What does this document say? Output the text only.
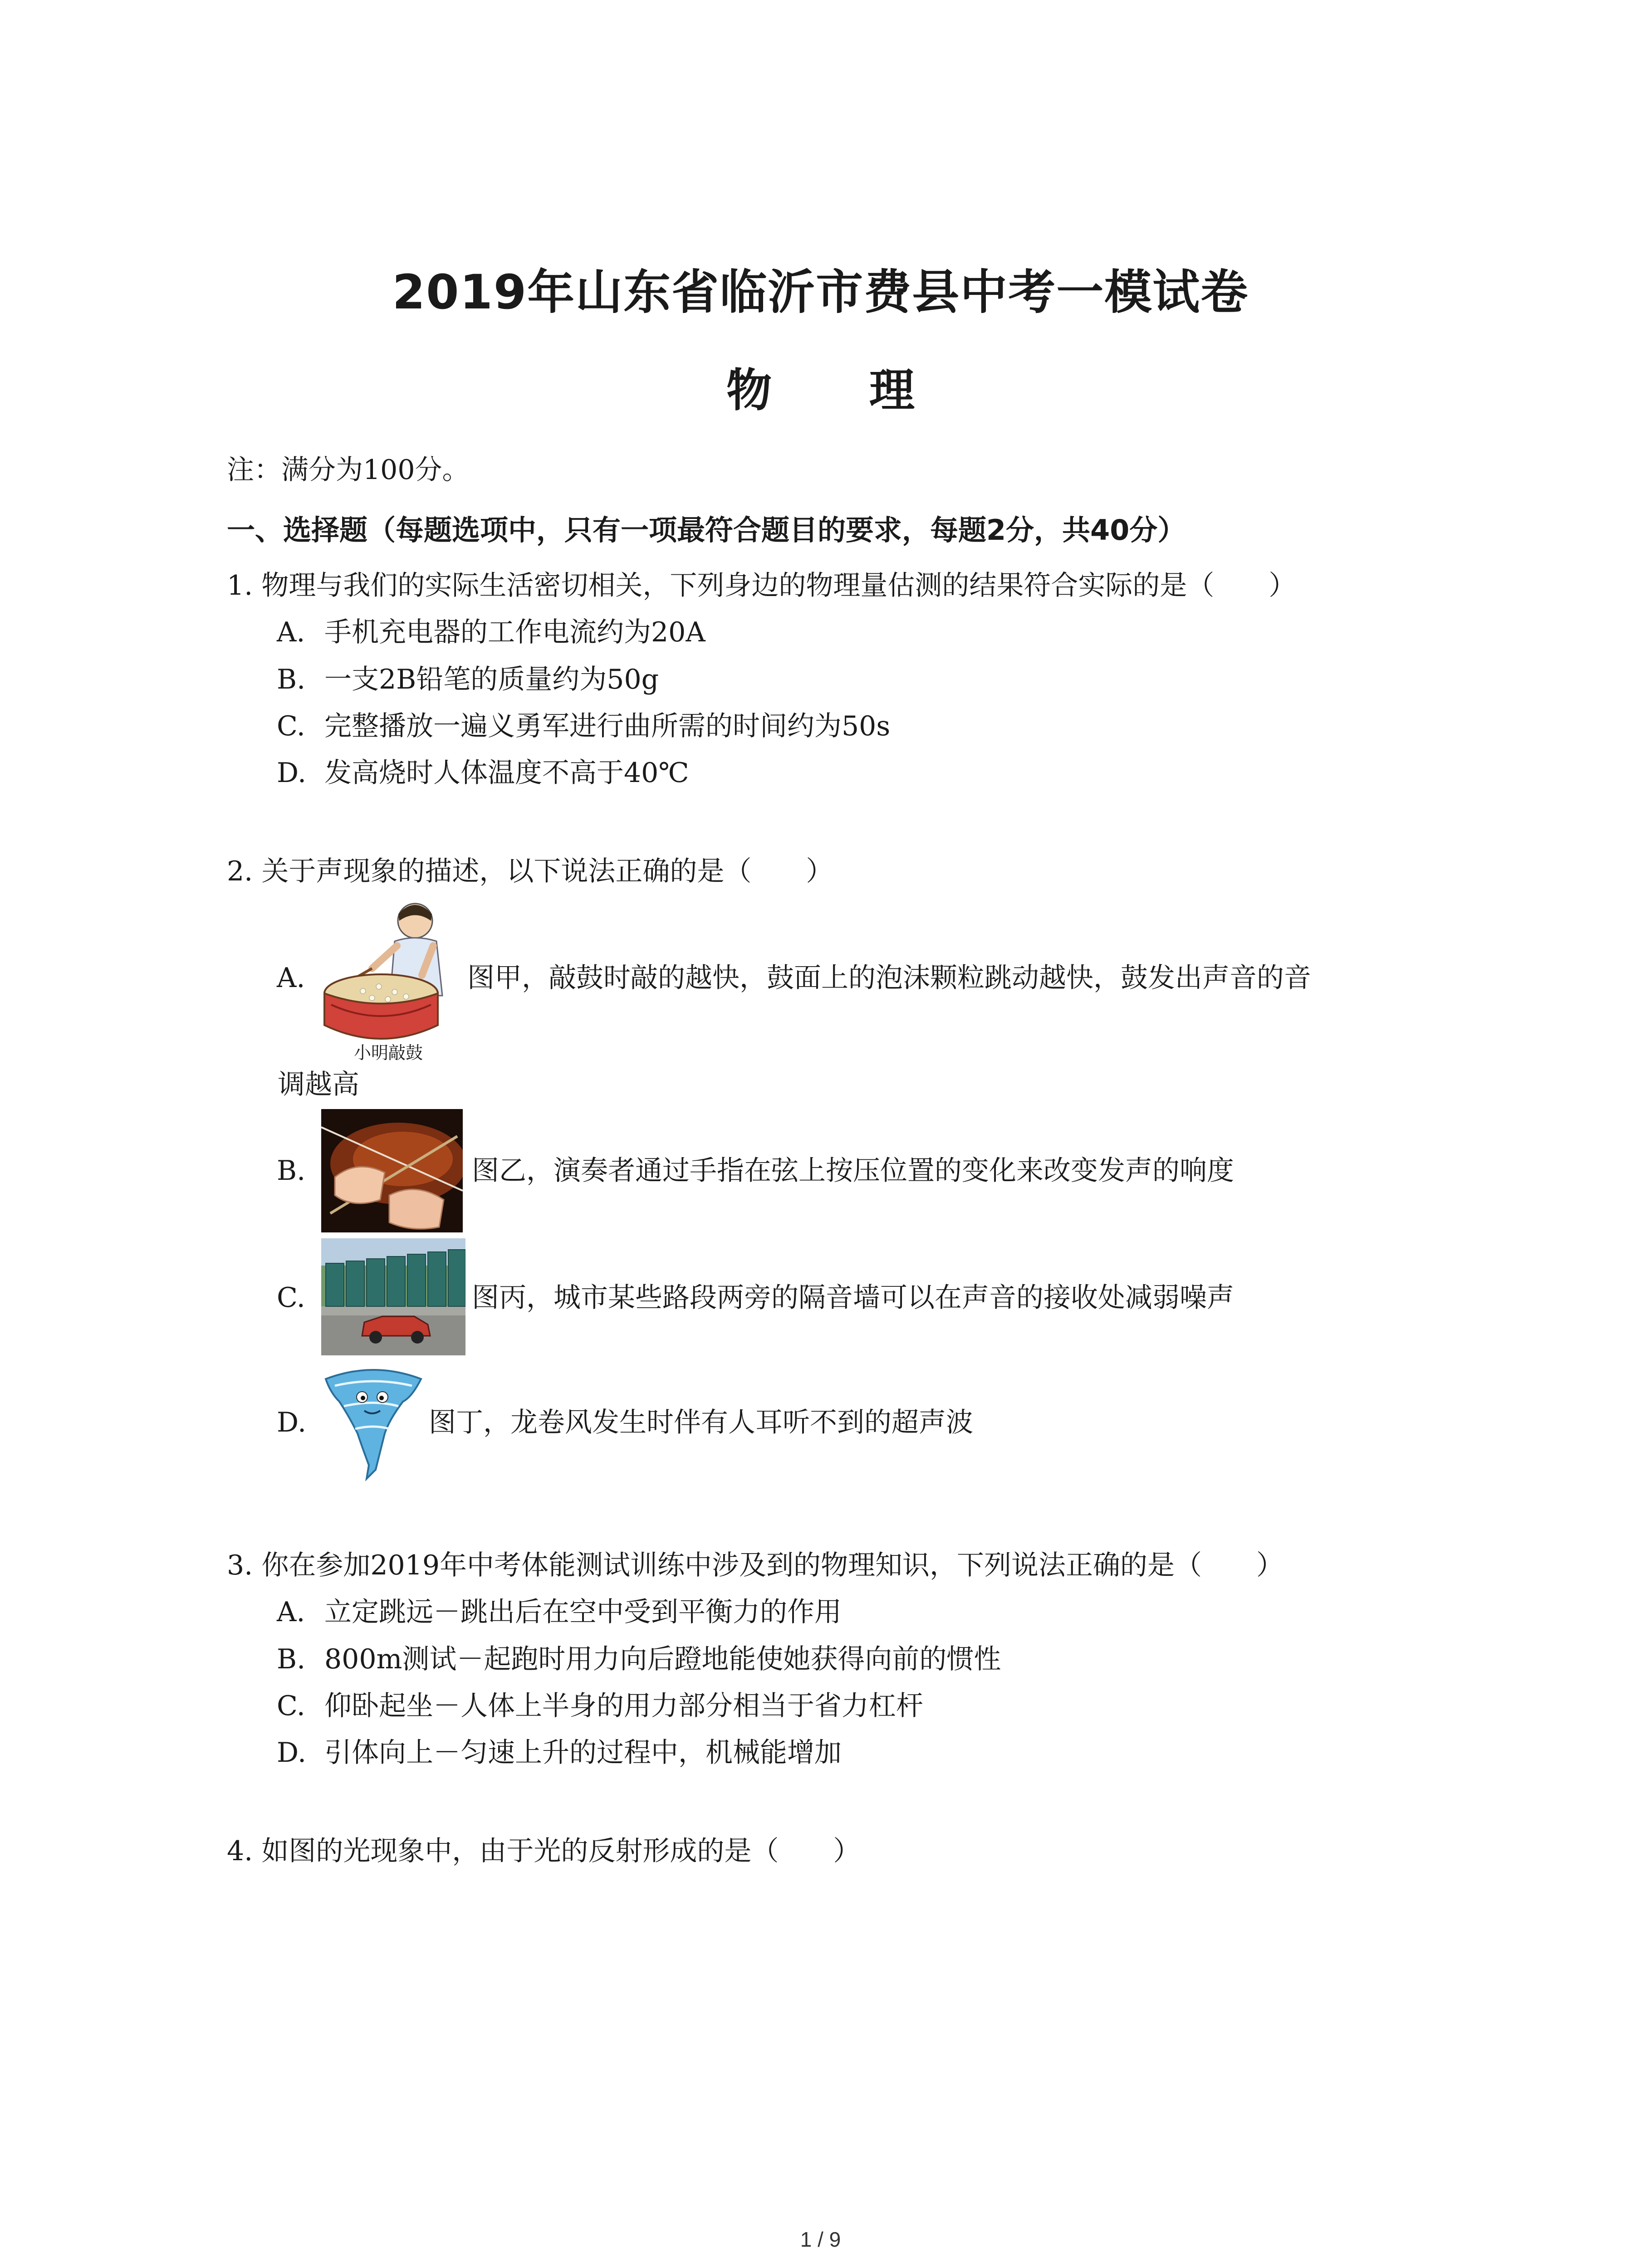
2019年山东省临沂市费县中考一模试卷
物 理
注：满分为100分。
一、选择题（每题选项中，只有一项最符合题目的要求，每题2分，共40分）
1. 物理与我们的实际生活密切相关，下列身边的物理量估测的结果符合实际的是（　　）
A. 手机充电器的工作电流约为20A
B. 一支2B铅笔的质量约为50g
C. 完整播放一遍义勇军进行曲所需的时间约为50s
D. 发高烧时人体温度不高于40℃
2. 关于声现象的描述，以下说法正确的是（　　）
A.
小明敲鼓
图甲，敲鼓时敲的越快，鼓面上的泡沫颗粒跳动越快，鼓发出声音的音
调越高
B.	图乙，演奏者通过手指在弦上按压位置的变化来改变发声的响度
C.	图丙，城市某些路段两旁的隔音墙可以在声音的接收处减弱噪声
D.	图丁，龙卷风发生时伴有人耳听不到的超声波
3. 你在参加2019年中考体能测试训练中涉及到的物理知识，下列说法正确的是（　　）
A. 立定跳远－跳出后在空中受到平衡力的作用
B. 800m测试－起跑时用力向后蹬地能使她获得向前的惯性
C. 仰卧起坐－人体上半身的用力部分相当于省力杠杆
D. 引体向上－匀速上升的过程中，机械能增加
4. 如图的光现象中，由于光的反射形成的是（　　）
1 / 9
